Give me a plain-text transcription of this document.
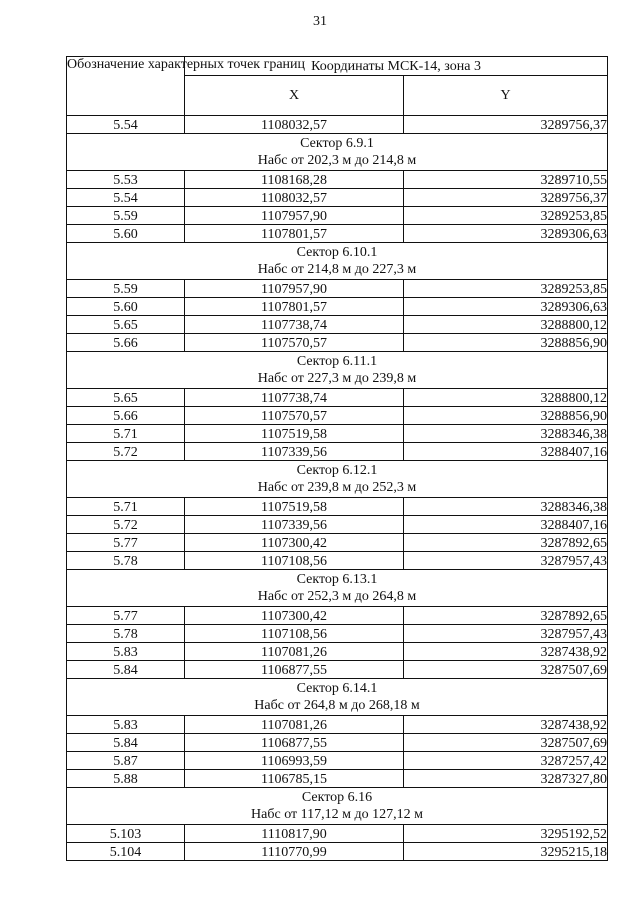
31
Обозначение характерных точек границ	Координаты МСК-14, зона 3	
	X	Y
5.54	1108032,57	3289756,37

Сектор 6.9.1
Набс от 202,3 м до 214,8 м		

5.53	1108168,28	3289710,55
5.54	1108032,57	3289756,37
5.59	1107957,90	3289253,85
5.60	1107801,57	3289306,63

Сектор 6.10.1
Набс от 214,8 м до 227,3 м		

5.59	1107957,90	3289253,85
5.60	1107801,57	3289306,63
5.65	1107738,74	3288800,12
5.66	1107570,57	3288856,90

Сектор 6.11.1
Набс от 227,3 м до 239,8 м		

5.65	1107738,74	3288800,12
5.66	1107570,57	3288856,90
5.71	1107519,58	3288346,38
5.72	1107339,56	3288407,16

Сектор 6.12.1
Набс от 239,8 м до 252,3 м		

5.71	1107519,58	3288346,38
5.72	1107339,56	3288407,16
5.77	1107300,42	3287892,65
5.78	1107108,56	3287957,43

Сектор 6.13.1
Набс от 252,3 м до 264,8 м		

5.77	1107300,42	3287892,65
5.78	1107108,56	3287957,43
5.83	1107081,26	3287438,92
5.84	1106877,55	3287507,69

Сектор 6.14.1
Набс от 264,8 м до 268,18 м		

5.83	1107081,26	3287438,92
5.84	1106877,55	3287507,69
5.87	1106993,59	3287257,42
5.88	1106785,15	3287327,80

Сектор 6.16
Набс от 117,12 м до 127,12 м		

5.103	1110817,90	3295192,52
5.104	1110770,99	3295215,18
